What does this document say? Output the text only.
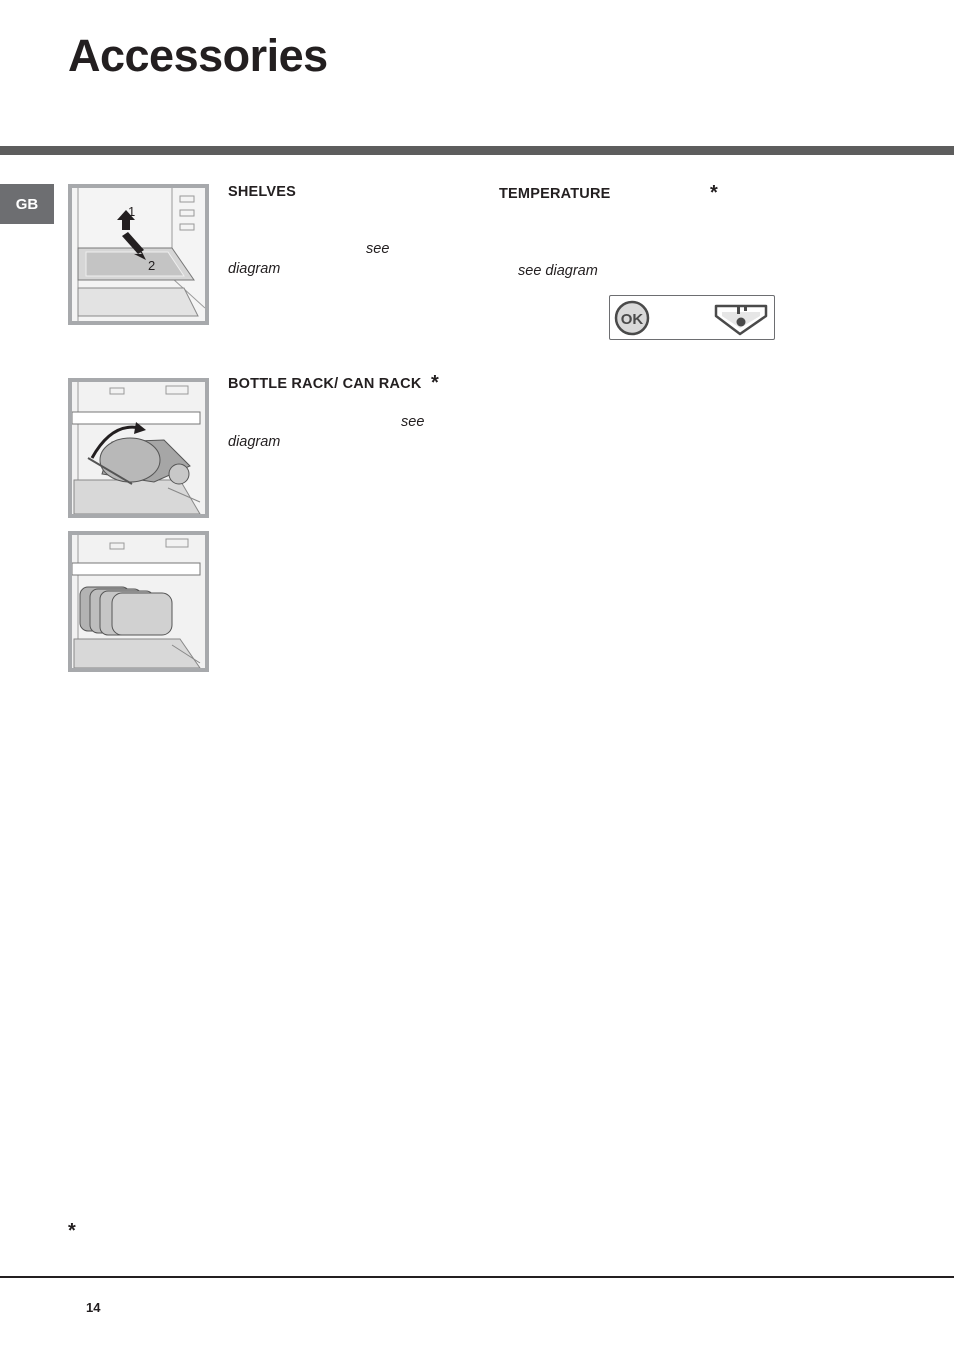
Accessories
GB	1
2
SHELVES
see
diagram
TEMPERATURE	*
see diagram
OK
BOTTLE RACK/ CAN RACK *
see
diagram
*
14
